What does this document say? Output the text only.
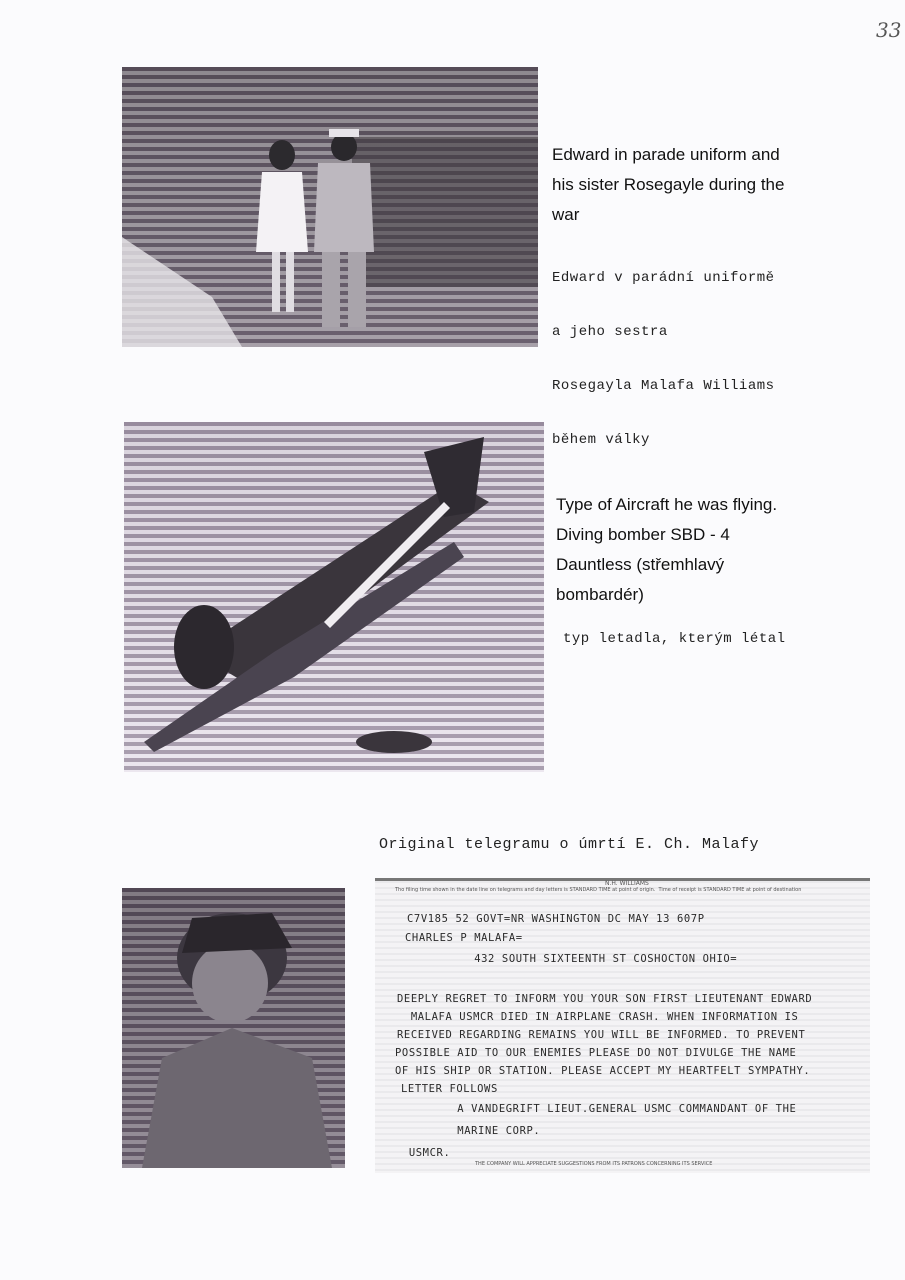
33
Edward in parade uniform and
his sister Rosegayle during the
war

Edward v parádní uniformě

a jeho sestra

Rosegayla Malafa Williams

během války

Type of Aircraft he was flying.
Diving bomber SBD - 4
Dauntless (střemhlavý
bombardér)
typ letadla, kterým létal
Original telegramu o úmrtí E. Ch. Malafy
Tho filing time shown in the date line on telegrams and day letters is STANDARD TIME at point of origin.  Time of receipt is STANDARD TIME at point of destination
N.H. WILLIAMS
C7V185 52 GOVT=NR WASHINGTON DC MAY 13 607P
CHARLES P MALAFA=
432 SOUTH SIXTEENTH ST COSHOCTON OHIO=
DEEPLY REGRET TO INFORM YOU YOUR SON FIRST LIEUTENANT EDWARD
MALAFA USMCR DIED IN AIRPLANE CRASH. WHEN INFORMATION IS
RECEIVED REGARDING REMAINS YOU WILL BE INFORMED. TO PREVENT
POSSIBLE AID TO OUR ENEMIES PLEASE DO NOT DIVULGE THE NAME
OF HIS SHIP OR STATION. PLEASE ACCEPT MY HEARTFELT SYMPATHY.
LETTER FOLLOWS
A VANDEGRIFT LIEUT.GENERAL USMC COMMANDANT OF THE
MARINE CORP.
USMCR.
THE COMPANY WILL APPRECIATE SUGGESTIONS FROM ITS PATRONS CONCERNING ITS SERVICE
